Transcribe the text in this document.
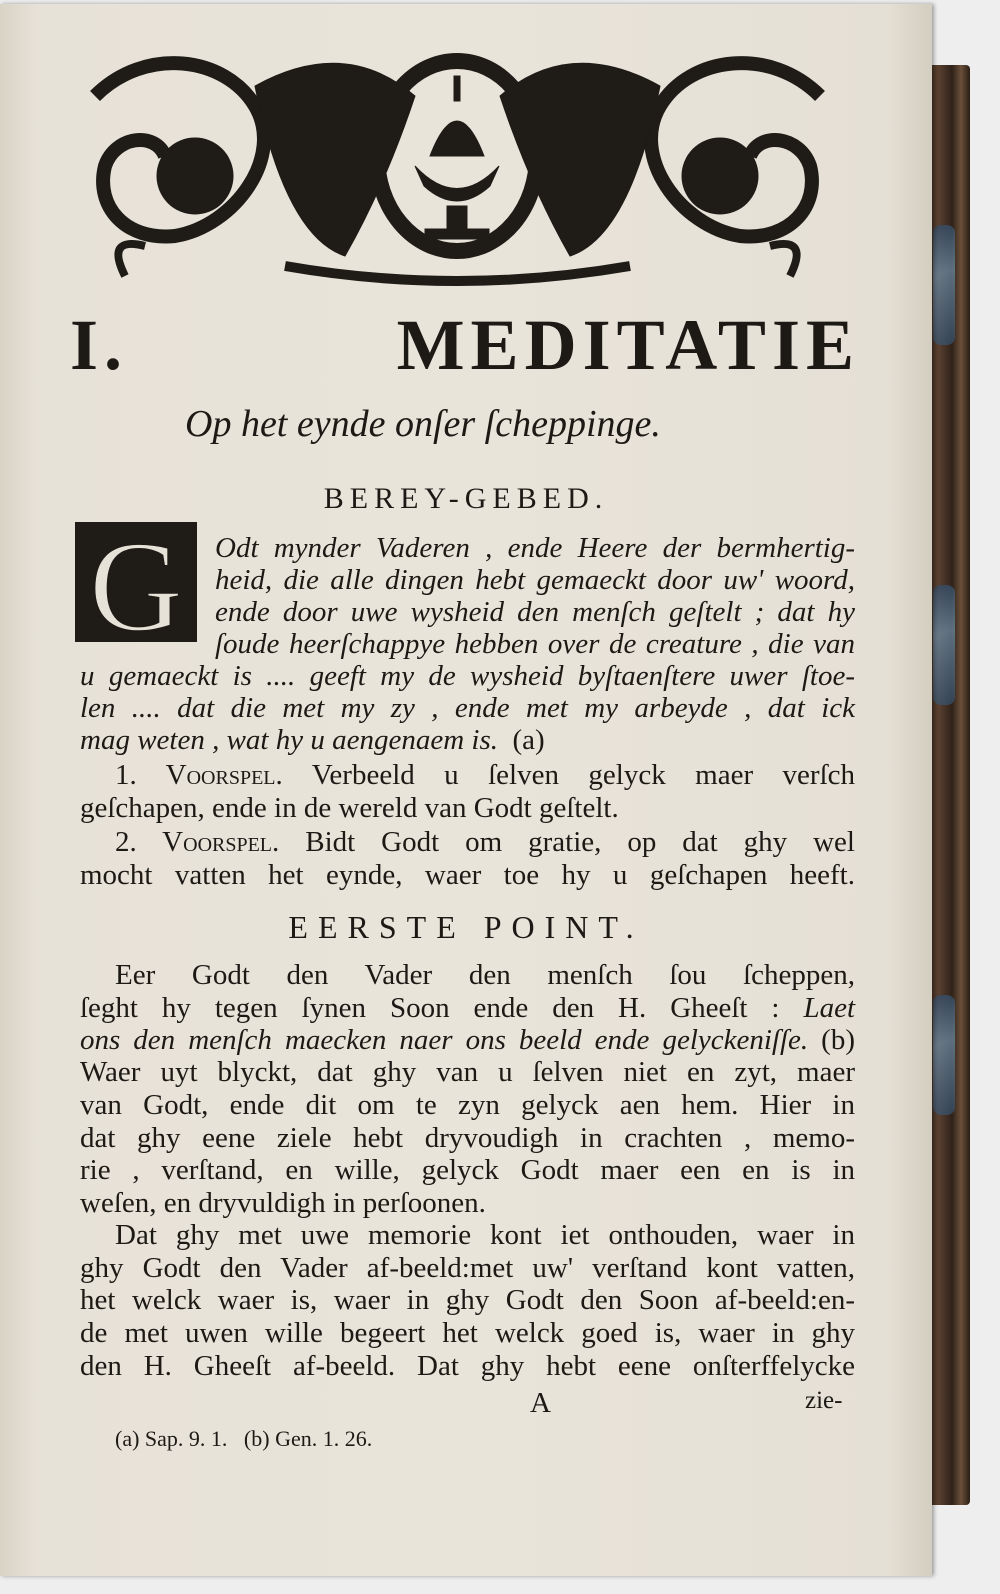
I. MEDITATIE
Op het eynde onſer ſcheppinge.
BEREY-GEBED.
G	Odt mynder Vaderen , ende Heere der bermhertig-
heid, die alle dingen hebt gemaeckt door uw' woord,
ende door uwe wysheid den menſch geſtelt ; dat hy
ſoude heerſchappye hebben over de creature , die van
u gemaeckt is .... geeft my de wysheid byſtaenſtere uwer ſtoe-
len .... dat die met my zy , ende met my arbeyde , dat ick
mag weten , wat hy u aengenaem is. (a)
1. Voorspel. Verbeeld u ſelven gelyck maer verſch
geſchapen, ende in de wereld van Godt geſtelt.
2. Voorspel. Bidt Godt om gratie, op dat ghy wel
mocht vatten het eynde, waer toe hy u geſchapen heeft.
EERSTE POINT.
Eer Godt den Vader den menſch ſou ſcheppen,
ſeght hy tegen ſynen Soon ende den H. Gheeſt : Laet
ons den menſch maecken naer ons beeld ende gelyckeniſſe. (b)
Waer uyt blyckt, dat ghy van u ſelven niet en zyt, maer
van Godt, ende dit om te zyn gelyck aen hem. Hier in
dat ghy eene ziele hebt dryvoudigh in crachten , memo-
rie , verſtand, en wille, gelyck Godt maer een en is in
weſen, en dryvuldigh in perſoonen.
Dat ghy met uwe memorie kont iet onthouden, waer in
ghy Godt den Vader af-beeld:met uw' verſtand kont vatten,
het welck waer is, waer in ghy Godt den Soon af-beeld:en-
de met uwen wille begeert het welck goed is, waer in ghy
den H. Gheeſt af-beeld. Dat ghy hebt eene onſterffelycke
A	zie-
(a) Sap. 9. 1.   (b) Gen. 1. 26.
